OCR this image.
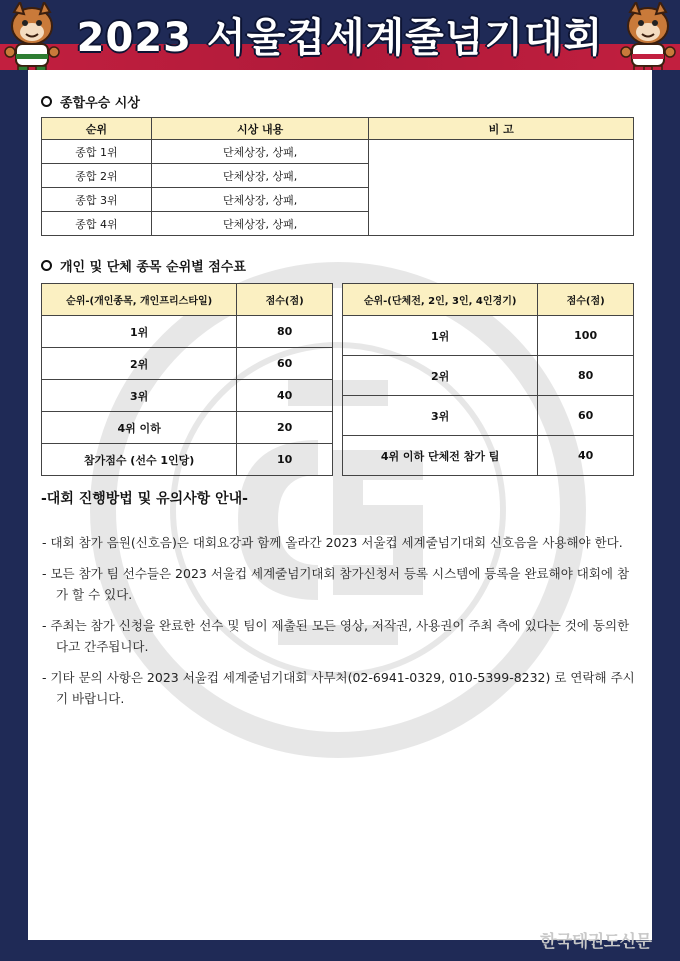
2023 서울컵세계줄넘기대회
종합우승 시상
순위	시상 내용	비 고
종합 1위	단체상장, 상패,	
종합 2위	단체상장, 상패,	
종합 3위	단체상장, 상패,	
종합 4위	단체상장, 상패,	
개인 및 단체 종목 순위별 점수표
순위-(개인종목, 개인프리스타일)	점수(점)
1위	80
2위	60
3위	40
4위 이하	20
참가점수 (선수 1인당)	10
순위-(단체전, 2인, 3인, 4인경기)	점수(점)
1위	100
2위	80
3위	60
4위 이하 단체전 참가 팀	40
-대회 진행방법 및 유의사항 안내-

- 대회 참가 음원(신호음)은 대회요강과 함께 올라간 2023 서울컵 세계줄넘기대회 신호음을 사용해야 한다.

- 모든 참가 팀 선수들은 2023 서울컵 세계줄넘기대회 참가신청서 등록 시스템에 등록을 완료해야 대회에 참가 할 수 있다.

- 주최는 참가 신청을 완료한 선수 및 팀이 제출된 모든 영상, 저작권, 사용권이 주최 측에 있다는 것에 동의한다고 간주됩니다.

- 기타 문의 사항은 2023 서울컵 세계줄넘기대회 사무처(02-6941-0329, 010-5399-8232) 로 연락해 주시기 바랍니다.

한국태권도신문
